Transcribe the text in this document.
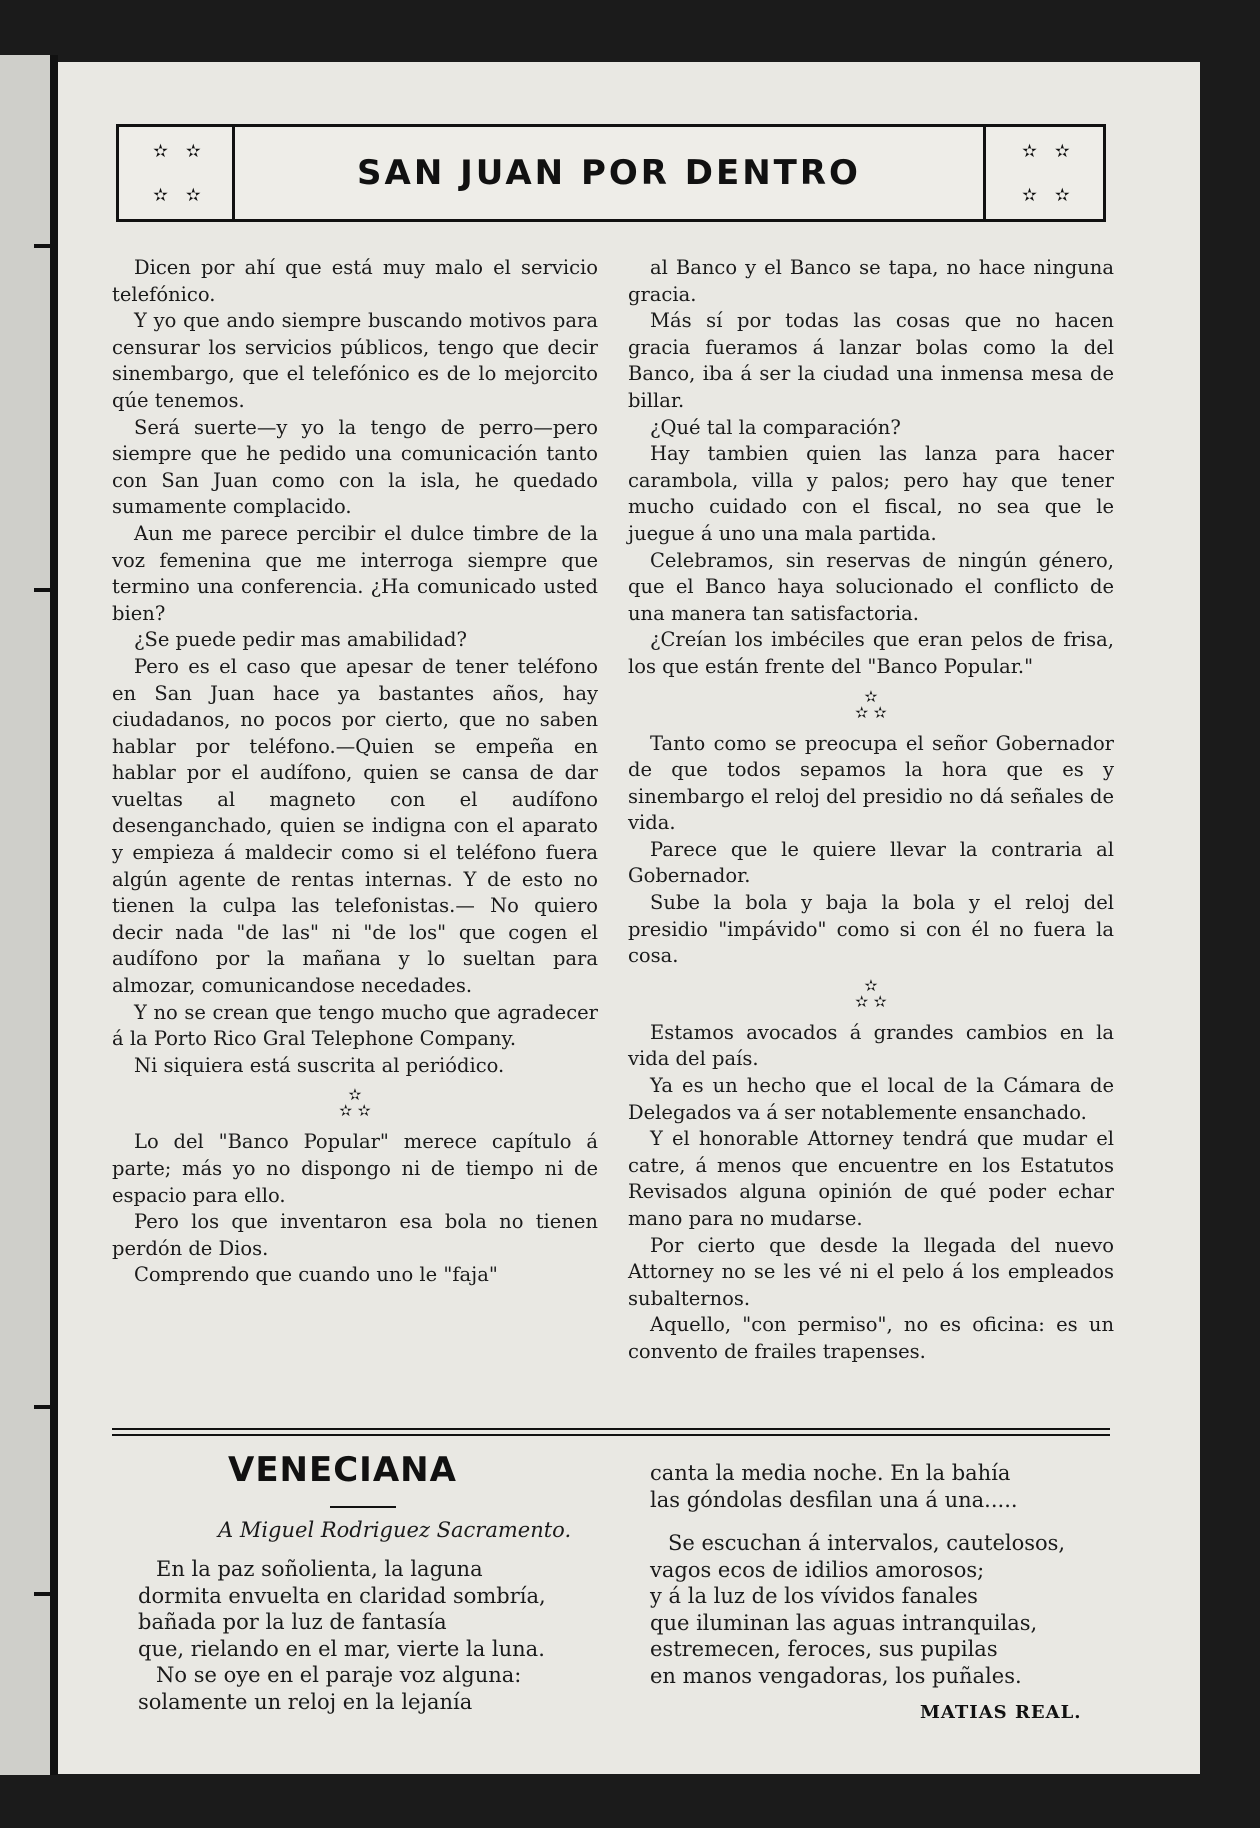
✫ ✫
✫ ✫
SAN JUAN POR DENTRO
✫ ✫
✫ ✫

Dicen por ahí que está muy malo el servicio telefónico.

Y yo que ando siempre buscando motivos para censurar los servicios públicos, tengo que decir sinembargo, que el telefónico es de lo mejorcito qúe tenemos.

Será suerte—y yo la tengo de perro—pero siempre que he pedido una comunicación tanto con San Juan como con la isla, he quedado sumamente complacido.

Aun me parece percibir el dulce timbre de la voz femenina que me interroga siempre que termino una conferencia. ¿Ha comunicado usted bien?

¿Se puede pedir mas amabilidad?

Pero es el caso que apesar de tener teléfono en San Juan hace ya bastantes años, hay ciudadanos, no pocos por cierto, que no saben hablar por teléfono.—Quien se empeña en hablar por el audífono, quien se cansa de dar vueltas al magneto con el audífono desenganchado, quien se indigna con el aparato y empieza á maldecir como si el teléfono fuera algún agente de rentas internas. Y de esto no tienen la culpa las telefonistas.— No quiero decir nada "de las" ni "de los" que cogen el audífono por la mañana y lo sueltan para almozar, comunicandose necedades.

Y no se crean que tengo mucho que agradecer á la Porto Rico Gral Telephone Company.

Ni siquiera está suscrita al periódico.

✫
✫ ✫

Lo del "Banco Popular" merece capítulo á parte; más yo no dispongo ni de tiempo ni de espacio para ello.

Pero los que inventaron esa bola no tienen perdón de Dios.

Comprendo que cuando uno le "faja"

al Banco y el Banco se tapa, no hace ninguna gracia.

Más sí por todas las cosas que no hacen gracia fueramos á lanzar bolas como la del Banco, iba á ser la ciudad una inmensa mesa de billar.

¿Qué tal la comparación?

Hay tambien quien las lanza para hacer carambola, villa y palos; pero hay que tener mucho cuidado con el fiscal, no sea que le juegue á uno una mala partida.

Celebramos, sin reservas de ningún género, que el Banco haya solucionado el conflicto de una manera tan satisfactoria.

¿Creían los imbéciles que eran pelos de frisa, los que están frente del "Banco Popular."

✫
✫ ✫

Tanto como se preocupa el señor Gobernador de que todos sepamos la hora que es y sinembargo el reloj del presidio no dá señales de vida.

Parece que le quiere llevar la contraria al Gobernador.

Sube la bola y baja la bola y el reloj del presidio "impávido" como si con él no fuera la cosa.

✫
✫ ✫

Estamos avocados á grandes cambios en la vida del país.

Ya es un hecho que el local de la Cámara de Delegados va á ser notablemente ensanchado.

Y el honorable Attorney tendrá que mudar el catre, á menos que encuentre en los Estatutos Revisados alguna opinión de qué poder echar mano para no mudarse.

Por cierto que desde la llegada del nuevo Attorney no se les vé ni el pelo á los empleados subalternos.

Aquello, "con permiso", no es oficina: es un convento de frailes trapenses.

VENECIANA
A Miguel Rodriguez Sacramento.
En la paz soñolienta, la laguna
dormita envuelta en claridad sombría,
bañada por la luz de fantasía
que, rielando en el mar, vierte la luna.
No se oye en el paraje voz alguna:
solamente un reloj en la lejanía
canta la media noche. En la bahía
las góndolas desfilan una á una.....
Se escuchan á intervalos, cautelosos,
vagos ecos de idilios amorosos;
y á la luz de los vívidos fanales
que iluminan las aguas intranquilas,
estremecen, feroces, sus pupilas
en manos vengadoras, los puñales.
MATIAS REAL.
